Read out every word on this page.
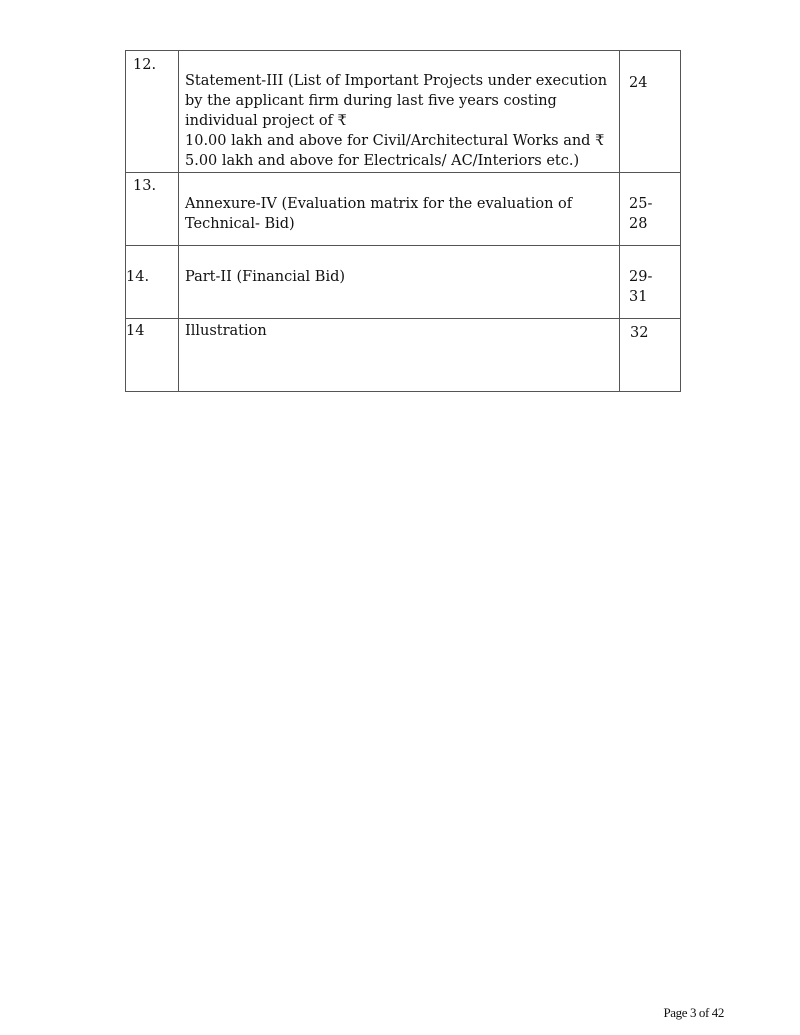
12.	Statement-III (List of Important Projects under execution
by the applicant firm during last five years costing
individual project of ₹
10.00 lakh and above for Civil/Architectural Works and ₹
5.00 lakh and above for Electricals/ AC/Interiors etc.)	24

13.	Annexure-IV (Evaluation matrix for the evaluation of
Technical- Bid)	25-
28

14.	Part-II (Financial Bid)	29-
31

14	Illustration	32
Page 3 of 42
